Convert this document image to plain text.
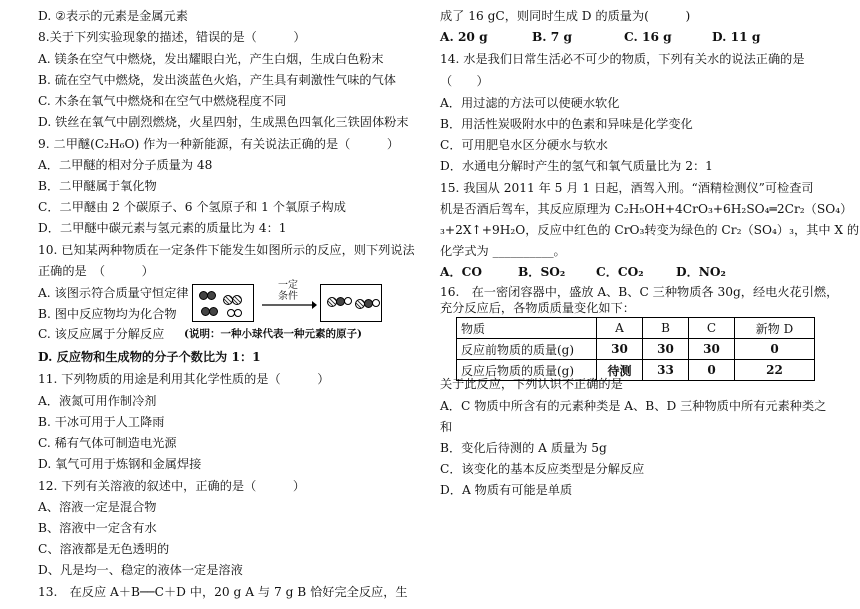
D. ②表示的元素是金属元素
8.关于下列实验现象的描述，错误的是（　　　）
A. 镁条在空气中燃烧，发出耀眼白光，产生白烟，生成白色粉末
B. 硫在空气中燃烧，发出淡蓝色火焰，产生具有刺激性气味的气体
C. 木条在氧气中燃烧和在空气中燃烧程度不同
D. 铁丝在氧气中剧烈燃烧，火星四射，生成黑色四氧化三铁固体粉末
9. 二甲醚(C₂H₆O) 作为一种新能源，有关说法正确的是（　　　）
A．二甲醚的相对分子质量为 48
B．二甲醚属于氧化物
C．二甲醚由 2 个碳原子、6 个氢原子和 1 个氧原子构成
D．二甲醚中碳元素与氢元素的质量比为 4：1
10. 已知某两种物质在一定条件下能发生如图所示的反应，则下列说法
正确的是　（　　　）
A. 该图示符合质量守恒定律
B. 图中反应物均为化合物
C. 该反应属于分解反应
D. 反应物和生成物的分子个数比为 1：1
11. 下列物质的用途是利用其化学性质的是（　　　）
A．液氮可用作制冷剂
B. 干冰可用于人工降雨
C. 稀有气体可制造电光源
D. 氧气可用于炼钢和金属焊接
12. 下列有关溶液的叙述中，正确的是（　　　）
A、溶液一定是混合物
B、溶液中一定含有水
C、溶液都是无色透明的
D、凡是均一、稳定的液体一定是溶液
13.　在反应 A＋B──C＋D 中，20 g A 与 7 g B 恰好完全反应，生
成了 16 gC，则同时生成 D 的质量为(　　　)
14. 水是我们日常生活必不可少的物质，下列有关水的说法正确的是
（　　）
A．用过滤的方法可以使硬水软化
B．用活性炭吸附水中的色素和异味是化学变化
C．可用肥皂水区分硬水与软水
D．水通电分解时产生的氢气和氧气质量比为 2：1
15. 我国从 2011 年 5 月 1 日起，酒驾入刑。“酒精检测仪”可检查司
机是否酒后驾车，其反应原理为 C₂H₅OH+4CrO₃+6H₂SO₄═2Cr₂（SO₄）
₃+2X↑+9H₂O，反应中红色的 CrO₃转变为绿色的 Cr₂（SO₄）₃，其中 X 的
化学式为 __________。
16.　在一密闭容器中，盛放 A、B、C 三种物质各 30g，经电火花引燃，
充分反应后，各物质质量变化如下：
关于此反应，下列认识不正确的是
A．C 物质中所含有的元素种类是 A、B、D 三种物质中所有元素种类之
和
B．变化后待测的 A 质量为 5g
C．该变化的基本反应类型是分解反应
D．A 物质有可能是单质
A. 20 g	B. 7 g	C. 16 g	D. 11 g
A．CO	B．SO₂	C．CO₂	D．NO₂
一定
条件
(说明：一种小球代表一种元素的原子)	物质	A	B	C	新物 D
反应前物质的质量(g)	30	30	30	0
反应后物质的质量(g)	待测	33	0	22
